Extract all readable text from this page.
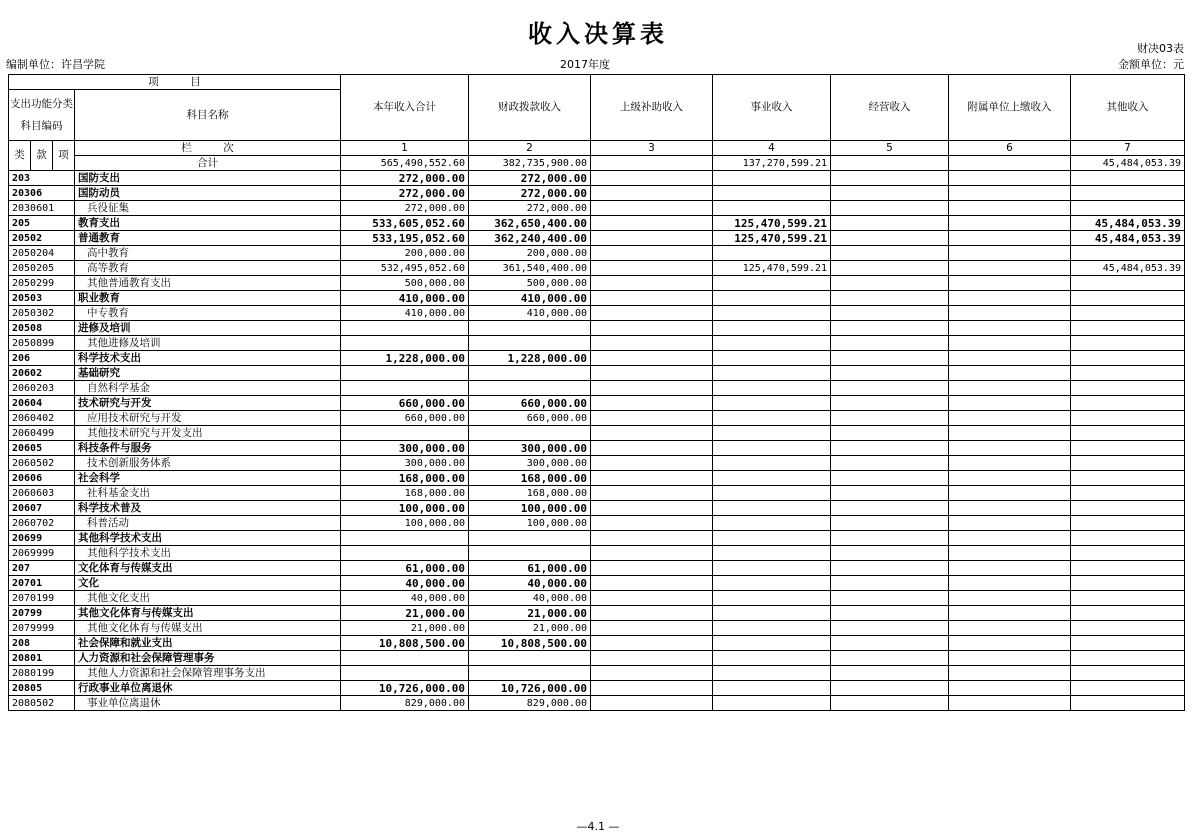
收入决算表
财决03表
编制单位：许昌学院	2017年度	金额单位：元
项　　　目				本年收入合计	财政拨款收入	上级补助收入	事业收入	经营收入	附属单位上缴收入	其他收入
支出功能分类科目编码			科目名称							
类	款	项	栏　　　次	1	2	3	4	5	6	7
			合计	565,490,552.60	382,735,900.00		137,270,599.21			45,484,053.39
203			国防支出	272,000.00	272,000.00					
20306			国防动员	272,000.00	272,000.00					
2030601			兵役征集	272,000.00	272,000.00					
205			教育支出	533,605,052.60	362,650,400.00		125,470,599.21			45,484,053.39
20502			普通教育	533,195,052.60	362,240,400.00		125,470,599.21			45,484,053.39
2050204			高中教育	200,000.00	200,000.00					
2050205			高等教育	532,495,052.60	361,540,400.00		125,470,599.21			45,484,053.39
2050299			其他普通教育支出	500,000.00	500,000.00					
20503			职业教育	410,000.00	410,000.00					
2050302			中专教育	410,000.00	410,000.00					
20508			进修及培训							
2050899			其他进修及培训							
206			科学技术支出	1,228,000.00	1,228,000.00					
20602			基础研究							
2060203			自然科学基金							
20604			技术研究与开发	660,000.00	660,000.00					
2060402			应用技术研究与开发	660,000.00	660,000.00					
2060499			其他技术研究与开发支出							
20605			科技条件与服务	300,000.00	300,000.00					
2060502			技术创新服务体系	300,000.00	300,000.00					
20606			社会科学	168,000.00	168,000.00					
2060603			社科基金支出	168,000.00	168,000.00					
20607			科学技术普及	100,000.00	100,000.00					
2060702			科普活动	100,000.00	100,000.00					
20699			其他科学技术支出							
2069999			其他科学技术支出							
207			文化体育与传媒支出	61,000.00	61,000.00					
20701			文化	40,000.00	40,000.00					
2070199			其他文化支出	40,000.00	40,000.00					
20799			其他文化体育与传媒支出	21,000.00	21,000.00					
2079999			其他文化体育与传媒支出	21,000.00	21,000.00					
208			社会保障和就业支出	10,808,500.00	10,808,500.00					
20801			人力资源和社会保障管理事务							
2080199			其他人力资源和社会保障管理事务支出							
20805			行政事业单位离退休	10,726,000.00	10,726,000.00					
2080502			事业单位离退休	829,000.00	829,000.00					
—4.1 —
